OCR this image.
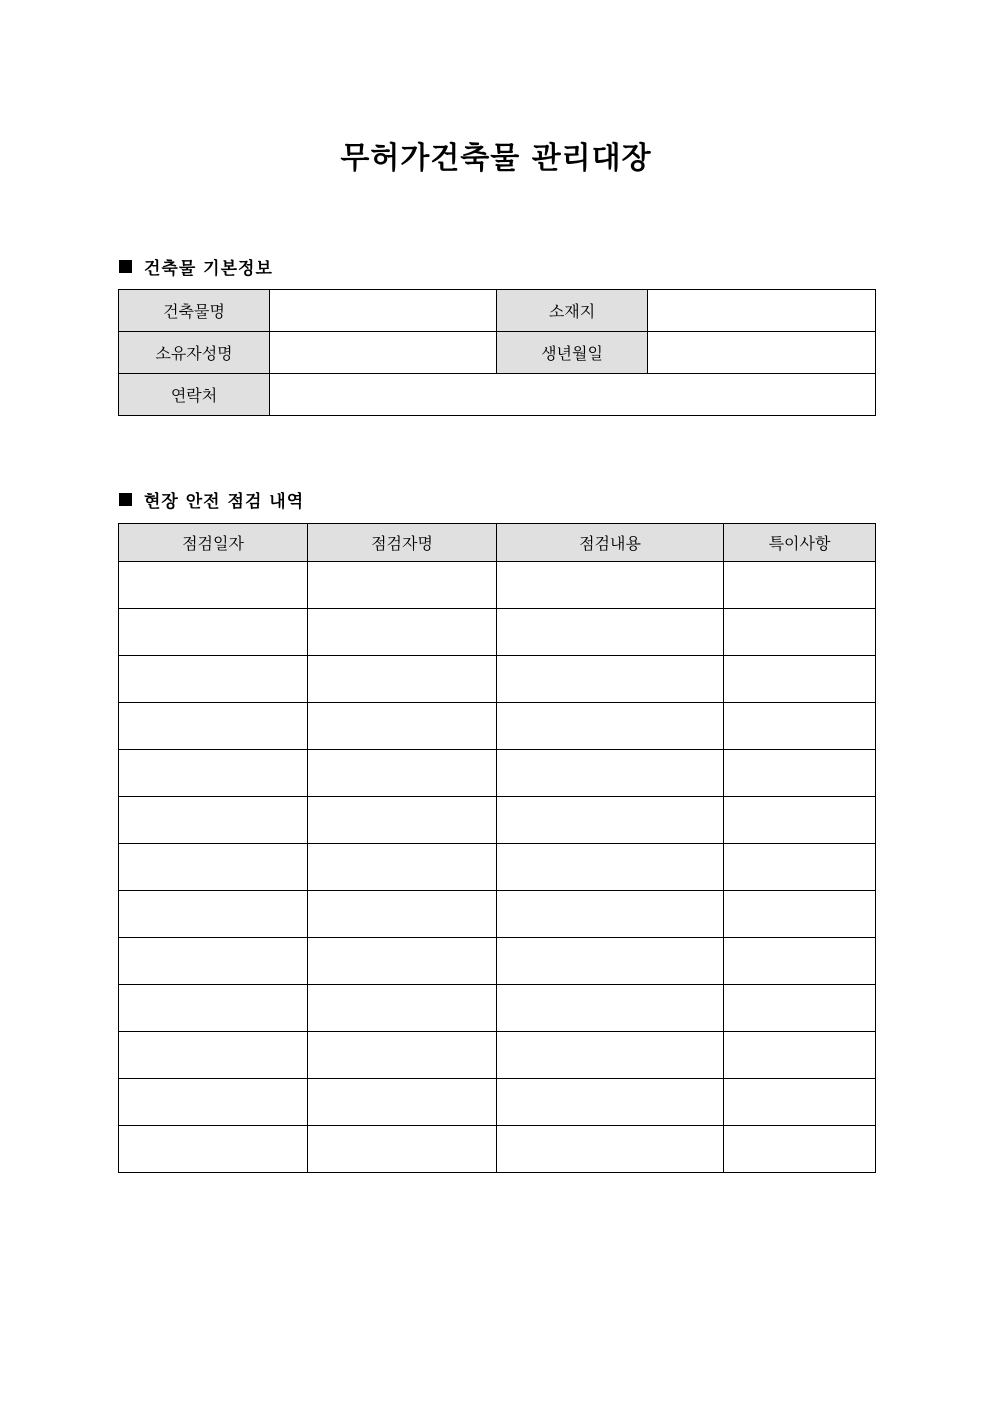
무허가건축물 관리대장
건축물 기본정보
건축물명		소재지	
소유자성명		생년월일	
연락처			
현장 안전 점검 내역
점검일자	점검자명	점검내용	특이사항
